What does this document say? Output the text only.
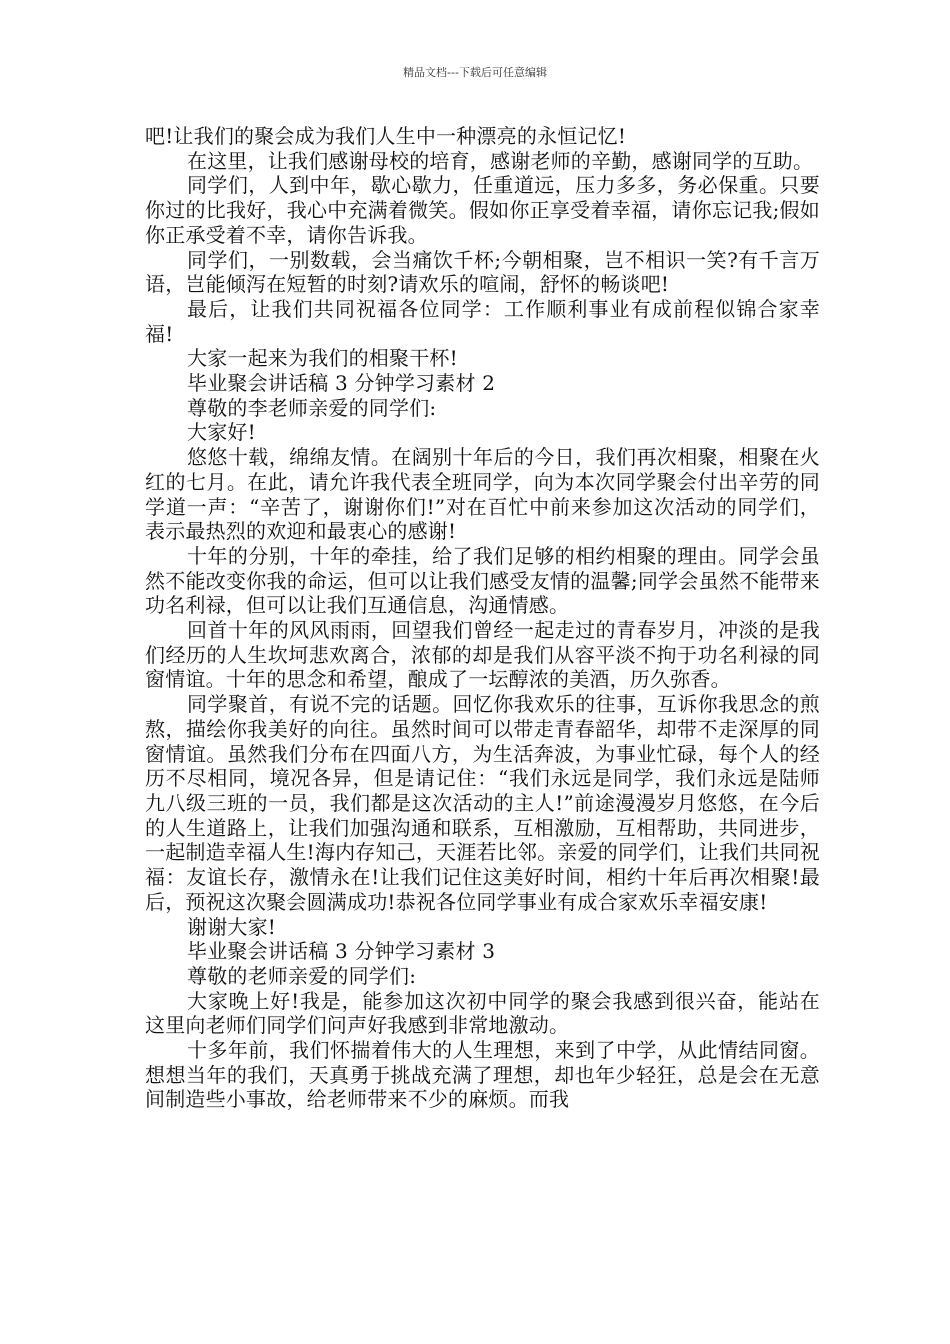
精品文档---下载后可任意编辑

吧!让我们的聚会成为我们人生中一种漂亮的永恒记忆!

在这里，让我们感谢母校的培育，感谢老师的辛勤，感谢同学的互助。

同学们，人到中年，歇心歇力，任重道远，压力多多，务必保重。只要你过的比我好，我心中充满着微笑。假如你正享受着幸福，请你忘记我;假如你正承受着不幸，请你告诉我。

同学们，一别数载，会当痛饮千杯;今朝相聚，岂不相识一笑?有千言万语，岂能倾泻在短暂的时刻?请欢乐的喧闹，舒怀的畅谈吧!

最后，让我们共同祝福各位同学：工作顺利事业有成前程似锦合家幸福!

大家一起来为我们的相聚干杯!

毕业聚会讲话稿 3 分钟学习素材 2

尊敬的李老师亲爱的同学们:

大家好!

悠悠十载，绵绵友情。在阔别十年后的今日，我们再次相聚，相聚在火红的七月。在此，请允许我代表全班同学，向为本次同学聚会付出辛劳的同学道一声：“辛苦了，谢谢你们!”对在百忙中前来参加这次活动的同学们，表示最热烈的欢迎和最衷心的感谢!

十年的分别，十年的牵挂，给了我们足够的相约相聚的理由。同学会虽然不能改变你我的命运，但可以让我们感受友情的温馨;同学会虽然不能带来功名利禄，但可以让我们互通信息，沟通情感。

回首十年的风风雨雨，回望我们曾经一起走过的青春岁月，冲淡的是我们经历的人生坎坷悲欢离合，浓郁的却是我们从容平淡不拘于功名利禄的同窗情谊。十年的思念和希望，酿成了一坛醇浓的美酒，历久弥香。

同学聚首，有说不完的话题。回忆你我欢乐的往事，互诉你我思念的煎熬，描绘你我美好的向往。虽然时间可以带走青春韶华，却带不走深厚的同窗情谊。虽然我们分布在四面八方，为生活奔波，为事业忙碌，每个人的经历不尽相同，境况各异，但是请记住：“我们永远是同学，我们永远是陆师九八级三班的一员，我们都是这次活动的主人!”前途漫漫岁月悠悠，在今后的人生道路上，让我们加强沟通和联系，互相激励，互相帮助，共同进步，一起制造幸福人生!海内存知己，天涯若比邻。亲爱的同学们，让我们共同祝福：友谊长存，激情永在!让我们记住这美好时间，相约十年后再次相聚!最后，预祝这次聚会圆满成功!恭祝各位同学事业有成合家欢乐幸福安康!

谢谢大家!

毕业聚会讲话稿 3 分钟学习素材 3

尊敬的老师亲爱的同学们:

大家晚上好!我是，能参加这次初中同学的聚会我感到很兴奋，能站在这里向老师们同学们问声好我感到非常地激动。

十多年前，我们怀揣着伟大的人生理想，来到了中学，从此情结同窗。想想当年的我们，天真勇于挑战充满了理想，却也年少轻狂，总是会在无意间制造些小事故，给老师带来不少的麻烦。而我
